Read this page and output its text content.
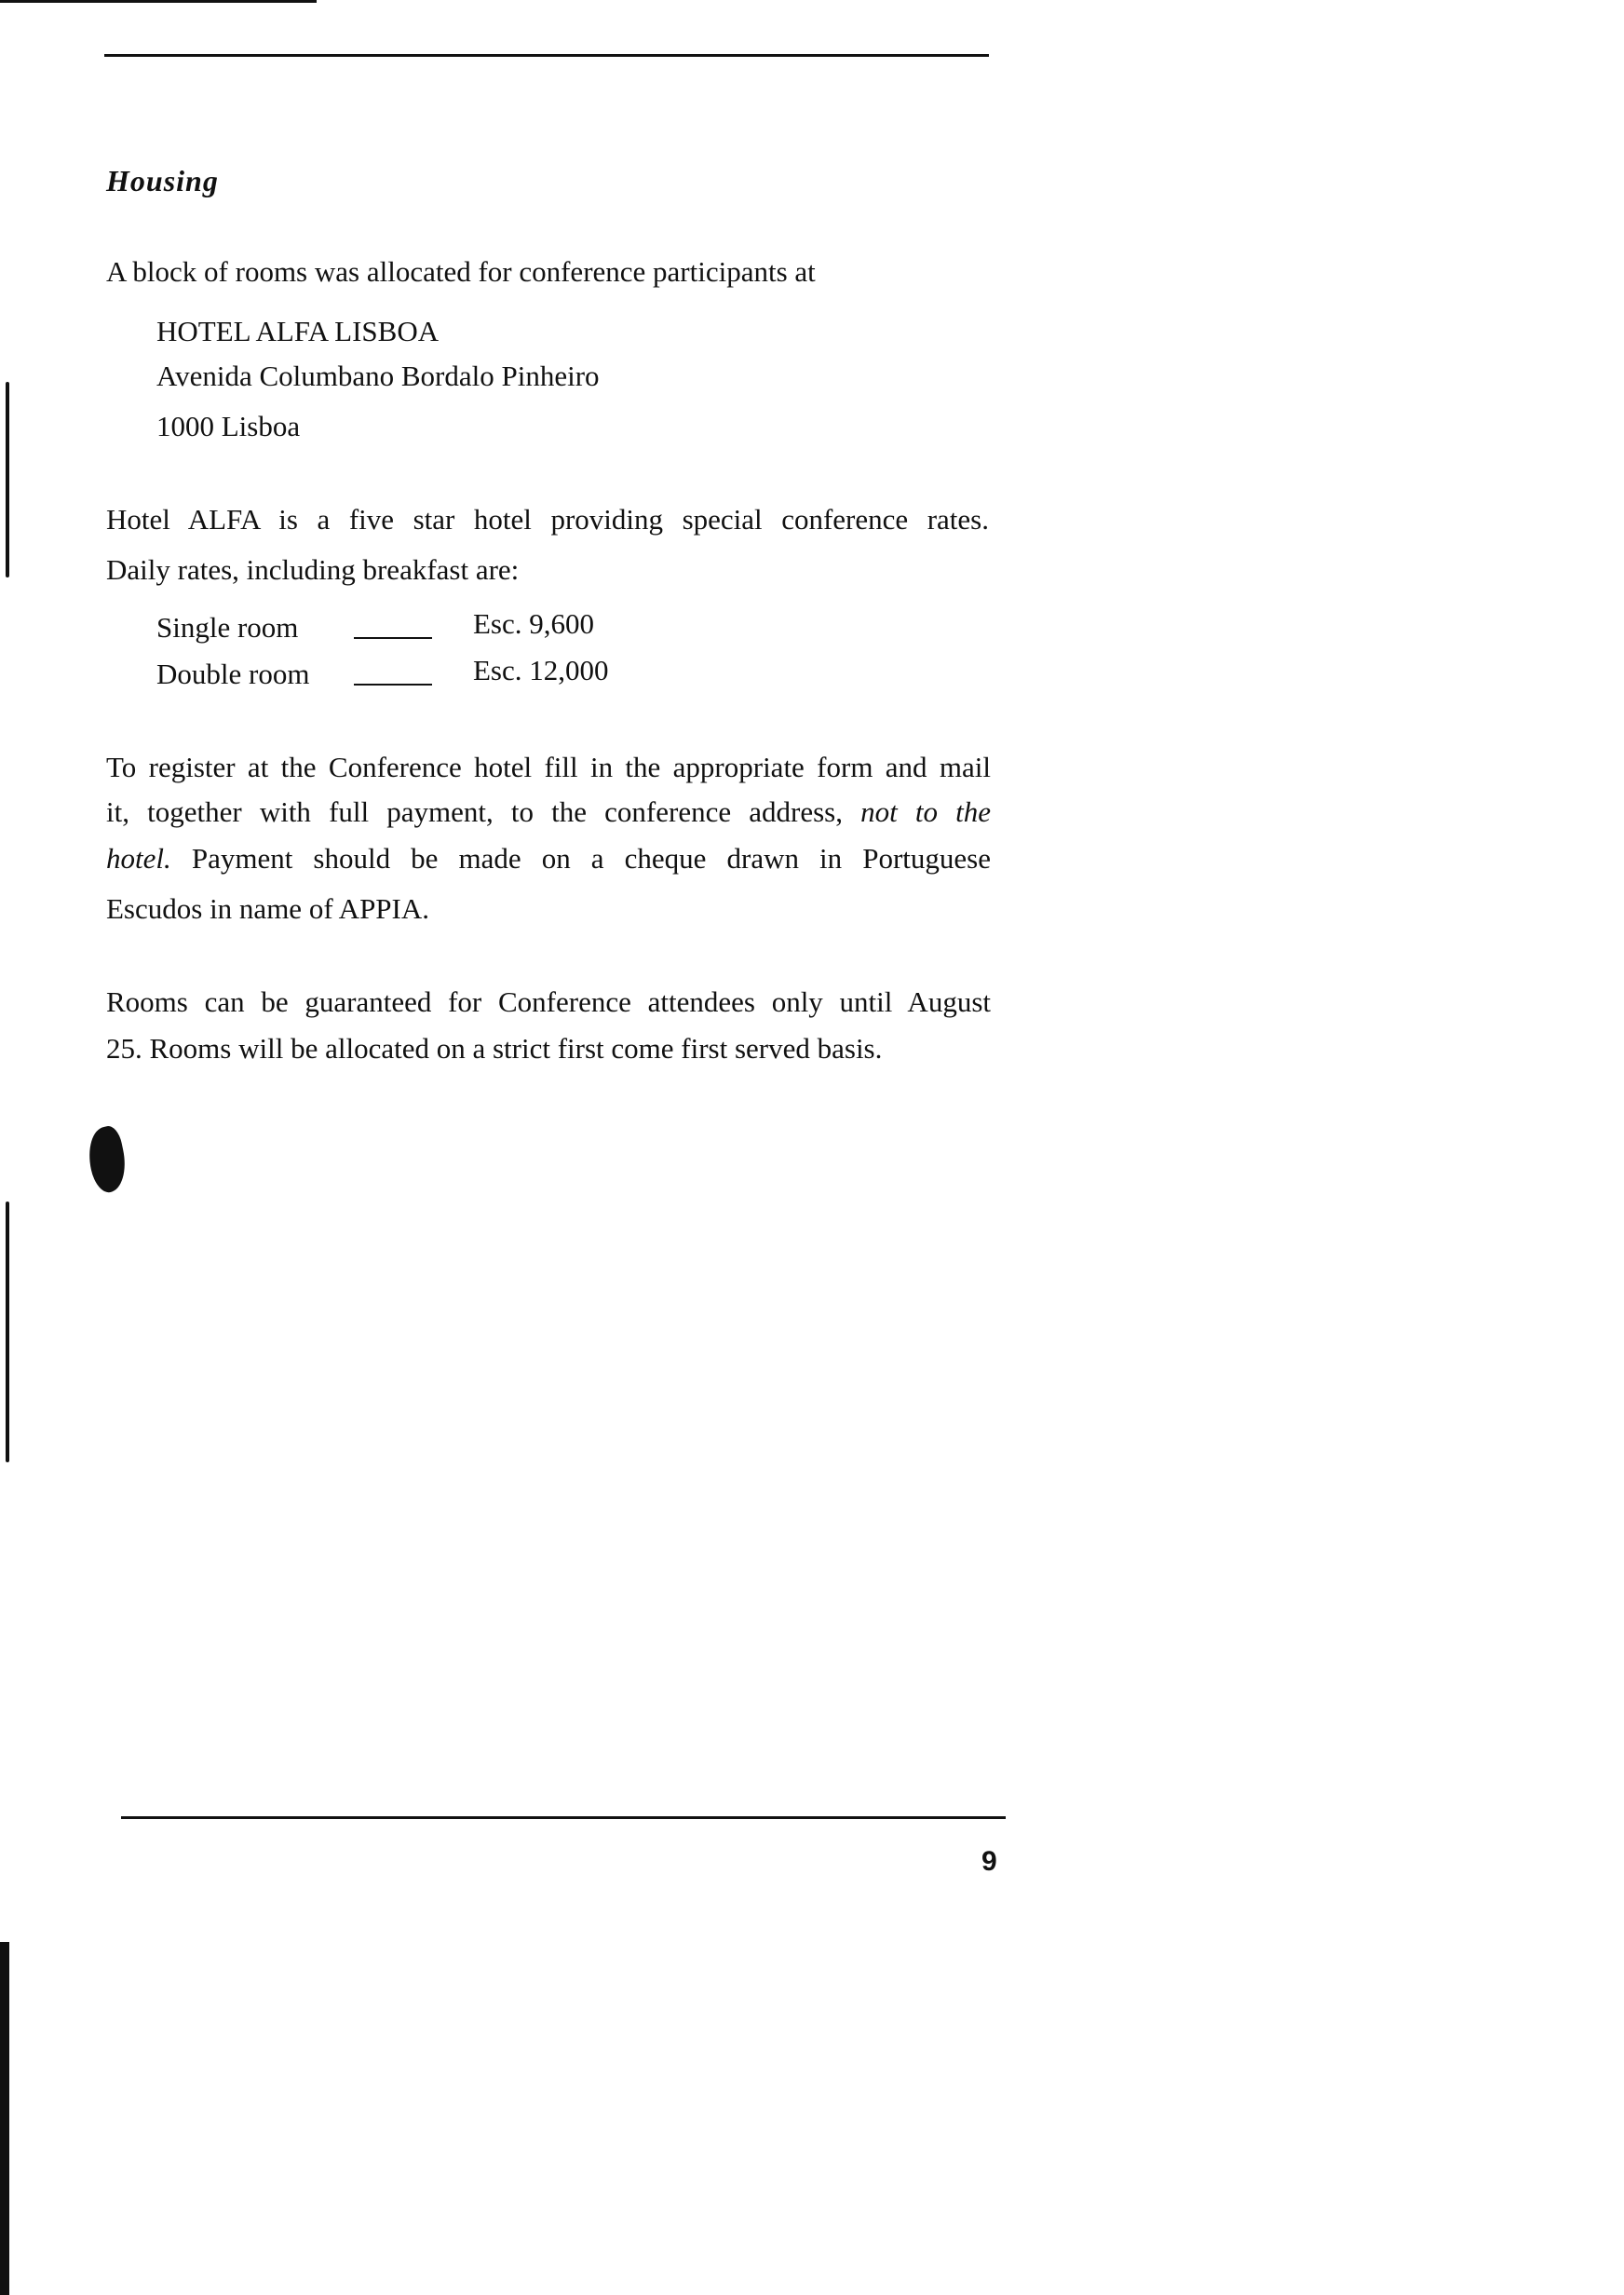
Housing
A block of rooms was allocated for conference participants at
HOTEL ALFA LISBOA
Avenida Columbano Bordalo Pinheiro
1000 Lisboa
Hotel ALFA is a five star hotel providing special conference rates.
Daily rates, including breakfast are:
Single room	Esc. 9,600
Double room	Esc. 12,000
To register at the Conference hotel fill in the appropriate form and mail
it, together with full payment, to the conference address, not to the
hotel. Payment should be made on a cheque drawn in Portuguese
Escudos in name of APPIA.
Rooms can be guaranteed for Conference attendees only until August
25. Rooms will be allocated on a strict first come first served basis.
9
